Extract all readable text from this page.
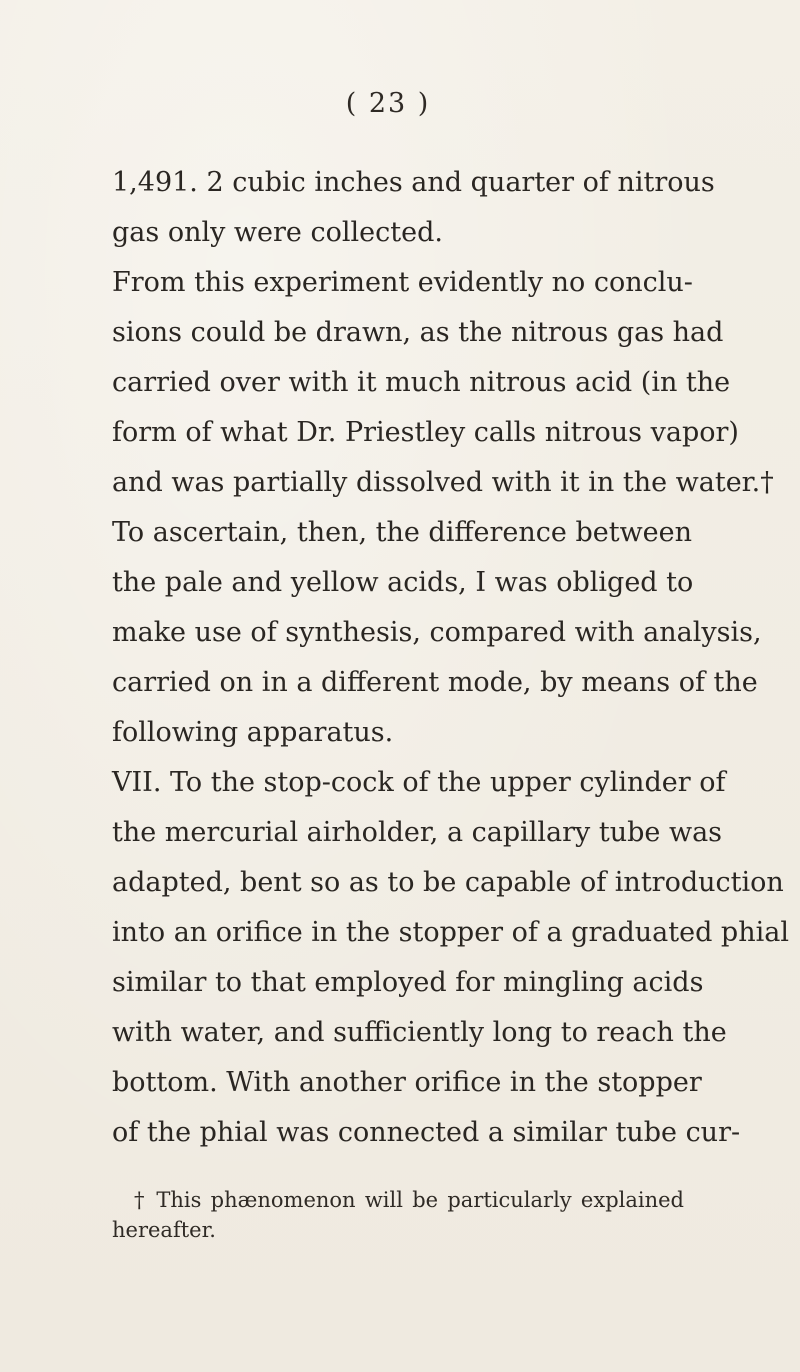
( 23 )
1,491. 2 cubic inches and quarter of nitrous
gas only were collected.
From this experiment evidently no conclu-
sions could be drawn, as the nitrous gas had
carried over with it much nitrous acid (in the
form of what Dr. Priestley calls nitrous vapor)
and was partially dissolved with it in the water.†
To ascertain, then, the difference between
the pale and yellow acids, I was obliged to
make use of synthesis, compared with analysis,
carried on in a different mode, by means of the
following apparatus.
VII. To the stop-cock of the upper cylinder of
the mercurial airholder, a capillary tube was
adapted, bent so as to be capable of introduction
into an orifice in the stopper of a graduated phial
similar to that employed for mingling acids
with water, and sufficiently long to reach the
bottom. With another orifice in the stopper
of the phial was connected a similar tube cur-
† This phænomenon will be particularly explained
hereafter.
